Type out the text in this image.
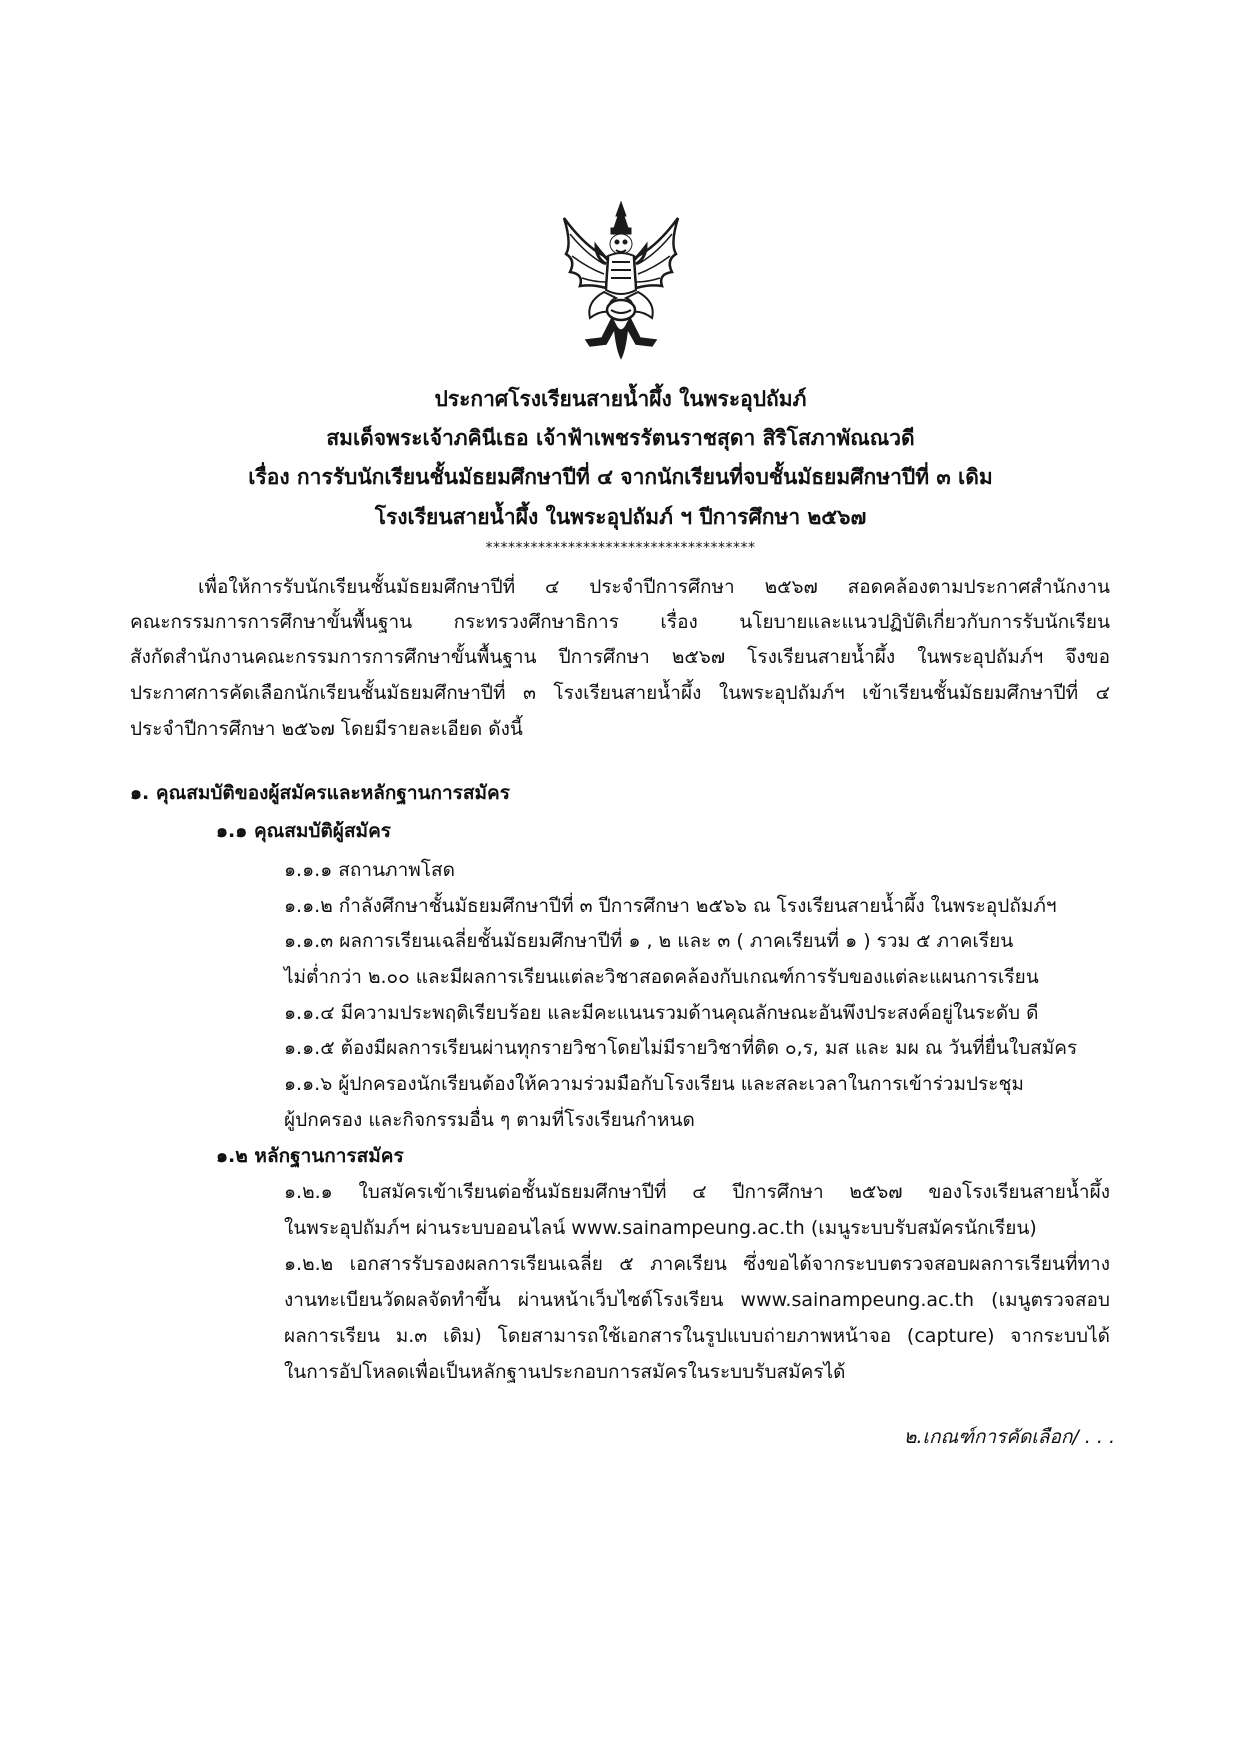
ประกาศโรงเรียนสายน้ำผึ้ง ในพระอุปถัมภ์
สมเด็จพระเจ้าภคินีเธอ เจ้าฟ้าเพชรรัตนราชสุดา สิริโสภาพัณณวดี
เรื่อง การรับนักเรียนชั้นมัธยมศึกษาปีที่ ๔ จากนักเรียนที่จบชั้นมัธยมศึกษาปีที่ ๓ เดิม
โรงเรียนสายน้ำผึ้ง ในพระอุปถัมภ์ ฯ ปีการศึกษา ๒๕๖๗
************************************
เพื่อให้การรับนักเรียนชั้นมัธยมศึกษาปีที่ ๔ ประจำปีการศึกษา ๒๕๖๗ สอดคล้องตามประกาศสำนักงาน
คณะกรรมการการศึกษาขั้นพื้นฐาน กระทรวงศึกษาธิการ เรื่อง นโยบายและแนวปฏิบัติเกี่ยวกับการรับนักเรียน
สังกัดสำนักงานคณะกรรมการการศึกษาขั้นพื้นฐาน ปีการศึกษา ๒๕๖๗ โรงเรียนสายน้ำผึ้ง ในพระอุปถัมภ์ฯ จึงขอ
ประกาศการคัดเลือกนักเรียนชั้นมัธยมศึกษาปีที่ ๓ โรงเรียนสายน้ำผึ้ง ในพระอุปถัมภ์ฯ เข้าเรียนชั้นมัธยมศึกษาปีที่ ๔
ประจำปีการศึกษา ๒๕๖๗ โดยมีรายละเอียด ดังนี้
๑. คุณสมบัติของผู้สมัครและหลักฐานการสมัคร
๑.๑ คุณสมบัติผู้สมัคร
๑.๑.๑ สถานภาพโสด
๑.๑.๒ กำลังศึกษาชั้นมัธยมศึกษาปีที่ ๓ ปีการศึกษา ๒๕๖๖ ณ โรงเรียนสายน้ำผึ้ง ในพระอุปถัมภ์ฯ
๑.๑.๓ ผลการเรียนเฉลี่ยชั้นมัธยมศึกษาปีที่ ๑ , ๒ และ ๓ ( ภาคเรียนที่ ๑ ) รวม ๕ ภาคเรียน
ไม่ต่ำกว่า ๒.๐๐ และมีผลการเรียนแต่ละวิชาสอดคล้องกับเกณฑ์การรับของแต่ละแผนการเรียน
๑.๑.๔ มีความประพฤติเรียบร้อย และมีคะแนนรวมด้านคุณลักษณะอันพึงประสงค์อยู่ในระดับ ดี
๑.๑.๕ ต้องมีผลการเรียนผ่านทุกรายวิชาโดยไม่มีรายวิชาที่ติด ๐,ร, มส และ มผ ณ วันที่ยื่นใบสมัคร
๑.๑.๖ ผู้ปกครองนักเรียนต้องให้ความร่วมมือกับโรงเรียน และสละเวลาในการเข้าร่วมประชุม
ผู้ปกครอง และกิจกรรมอื่น ๆ ตามที่โรงเรียนกำหนด
๑.๒ หลักฐานการสมัคร
๑.๒.๑ ใบสมัครเข้าเรียนต่อชั้นมัธยมศึกษาปีที่ ๔ ปีการศึกษา ๒๕๖๗ ของโรงเรียนสายน้ำผึ้ง
ในพระอุปถัมภ์ฯ ผ่านระบบออนไลน์ www.sainampeung.ac.th (เมนูระบบรับสมัครนักเรียน)
๑.๒.๒ เอกสารรับรองผลการเรียนเฉลี่ย ๕ ภาคเรียน ซึ่งขอได้จากระบบตรวจสอบผลการเรียนที่ทาง
งานทะเบียนวัดผลจัดทำขึ้น ผ่านหน้าเว็บไซต์โรงเรียน www.sainampeung.ac.th (เมนูตรวจสอบ
ผลการเรียน ม.๓ เดิม) โดยสามารถใช้เอกสารในรูปแบบถ่ายภาพหน้าจอ (capture) จากระบบได้
ในการอัปโหลดเพื่อเป็นหลักฐานประกอบการสมัครในระบบรับสมัครได้
๒.เกณฑ์การคัดเลือก/ . . .
